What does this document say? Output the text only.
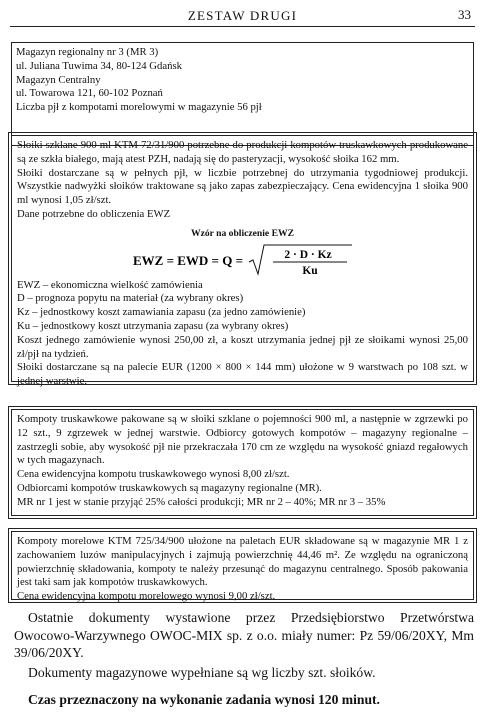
ZESTAW DRUGI	33
Magazyn regionalny nr 3 (MR 3)
ul. Juliana Tuwima 34, 80-124 Gdańsk
Magazyn Centralny
ul. Towarowa 121, 60-102 Poznań
Liczba pjł z kompotami morelowymi w magazynie 56 pjł
Słoiki szklane 900 ml KTM 72/31/900 potrzebne do produkcji kompotów truskawkowych produkowane są ze szkła białego, mają atest PZH, nadają się do pasteryzacji, wysokość słoika 162 mm.
Słoiki dostarczane są w pełnych pjł, w liczbie potrzebnej do utrzymania tygodniowej produkcji. Wszystkie nadwyżki słoików traktowane są jako zapas zabezpieczający. Cena ewidencyjna 1 słoika 900 ml wynosi 1,05 zł/szt.
Dane potrzebne do obliczenia EWZ
Wzór na obliczenie EWZ
EWZ = EWD = Q =	2 · D · Kz
Ku
EWZ – ekonomiczna wielkość zamówienia
D – prognoza popytu na materiał (za wybrany okres)
Kz – jednostkowy koszt zamawiania zapasu (za jedno zamówienie)
Ku – jednostkowy koszt utrzymania zapasu (za wybrany okres)
Koszt jednego zamówienie wynosi 250,00 zł, a koszt utrzymania jednej pjł ze słoikami wynosi 25,00 zł/pjł na tydzień.
Słoiki dostarczane są na palecie EUR (1200 × 800 × 144 mm) ułożone w 9 warstwach po 108 szt. w jednej warstwie.
Kompoty truskawkowe pakowane są w słoiki szklane o pojemności 900 ml, a następnie w zgrzewki po 12 szt., 9 zgrzewek w jednej warstwie. Odbiorcy gotowych kompotów – magazyny regionalne – zastrzegli sobie, aby wysokość pjł nie przekraczała 170 cm ze względu na wysokość gniazd regałowych w tych magazynach.
Cena ewidencyjna kompotu truskawkowego wynosi 8,00 zł/szt.
Odbiorcami kompotów truskawkowych są magazyny regionalne (MR).
MR nr 1 jest w stanie przyjąć 25% całości produkcji; MR nr 2 – 40%; MR nr 3 – 35%
Kompoty morelowe KTM 725/34/900 ułożone na paletach EUR składowane są w magazynie MR 1 z zachowaniem luzów manipulacyjnych i zajmują powierzchnię 44,46 m². Ze względu na ograniczoną powierzchnię składowania, kompoty te należy przesunąć do magazynu centralnego. Sposób pakowania jest taki sam jak kompotów truskawkowych.
Cena ewidencyjna kompotu morelowego wynosi 9,00 zł/szt.
Ostatnie dokumenty wystawione przez Przedsiębiorstwo Przetwórstwa Owocowo-Warzywnego OWOC-MIX sp. z o.o. miały numer: Pz 59/06/20XY, Mm 39/06/20XY.
Dokumenty magazynowe wypełniane są wg liczby szt. słoików.
Czas przeznaczony na wykonanie zadania wynosi 120 minut.
